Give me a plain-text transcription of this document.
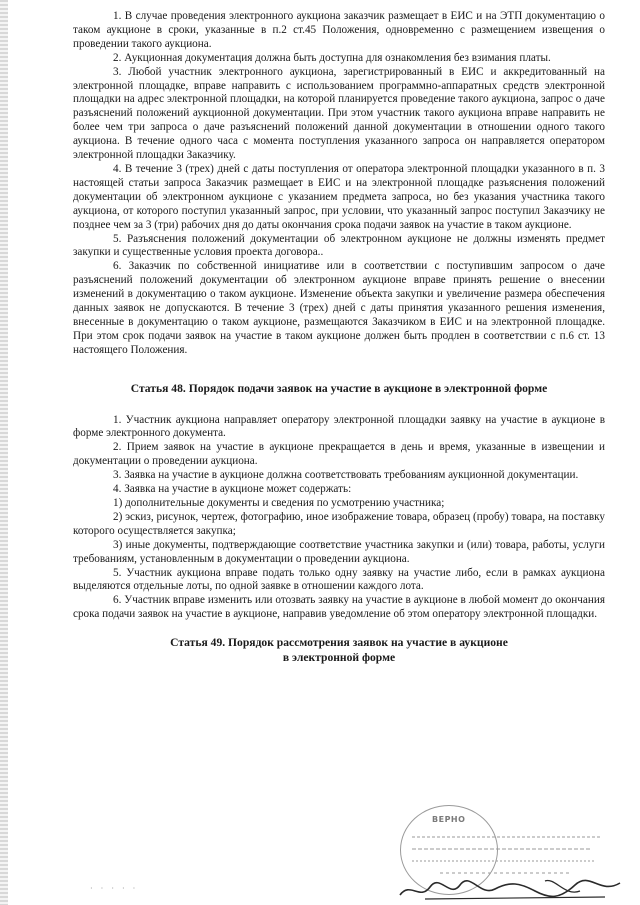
1. В случае проведения электронного аукциона заказчик размещает в ЕИС и на ЭТП документацию о таком аукционе в сроки, указанные в п.2 ст.45 Положения, одновременно с размещением извещения о проведении такого аукциона.

2. Аукционная документация должна быть доступна для ознакомления без взимания платы.

3. Любой участник электронного аукциона, зарегистрированный в ЕИС и аккредитованный на электронной площадке, вправе направить с использованием программно-аппаратных средств электронной площадки на адрес электронной площадки, на которой планируется проведение такого аукциона, запрос о даче разъяснений положений аукционной документации. При этом участник такого аукциона вправе направить не более чем три запроса о даче разъяснений положений данной документации в отношении одного такого аукциона. В течение одного часа с момента поступления указанного запроса он направляется оператором электронной площадки Заказчику.

4. В течение 3 (трех) дней с даты поступления от оператора электронной площадки указанного в п. 3 настоящей статьи запроса Заказчик размещает в ЕИС и на электронной площадке разъяснения положений документации об электронном аукционе с указанием предмета запроса, но без указания участника такого аукциона, от которого поступил указанный запрос, при условии, что указанный запрос поступил Заказчику не позднее чем за 3 (три) рабочих дня до даты окончания срока подачи заявок на участие в таком аукционе.

5. Разъяснения положений документации об электронном аукционе не должны изменять предмет закупки и существенные условия проекта договора..

6. Заказчик по собственной инициативе или в соответствии с поступившим запросом о даче разъяснений положений документации об электронном аукционе вправе принять решение о внесении изменений в документацию о таком аукционе. Изменение объекта закупки и увеличение размера обеспечения данных заявок не допускаются. В течение 3 (трех) дней с даты принятия указанного решения изменения, внесенные в документацию о таком аукционе, размещаются Заказчиком в ЕИС и на электронной площадке. При этом срок подачи заявок на участие в таком аукционе должен быть продлен в соответствии с п.6 ст. 13 настоящего Положения.

Статья 48. Порядок подачи заявок на участие в аукционе в электронной форме

1. Участник аукциона направляет оператору электронной площадки заявку на участие в аукционе в форме электронного документа.

2. Прием заявок на участие в аукционе прекращается в день и время, указанные в извещении и документации о проведении аукциона.

3. Заявка на участие в аукционе должна соответствовать требованиям аукционной документации.

4. Заявка на участие в аукционе может содержать:

1) дополнительные документы и сведения по усмотрению участника;

2) эскиз, рисунок, чертеж, фотографию, иное изображение товара, образец (пробу) товара, на поставку которого осуществляется закупка;

3) иные документы, подтверждающие соответствие участника закупки и (или) товара, работы, услуги требованиям, установленным в документации о проведении аукциона.

5. Участник аукциона вправе подать только одну заявку на участие либо, если в рамках аукциона выделяются отдельные лоты, по одной заявке в отношении каждого лота.

6. Участник вправе изменить или отозвать заявку на участие в аукционе в любой момент до окончания срока подачи заявок на участие в аукционе, направив уведомление об этом оператору электронной площадки.

Статья 49. Порядок рассмотрения заявок на участие в аукционе
в электронной форме
ВЕРНО
· · · · ·
